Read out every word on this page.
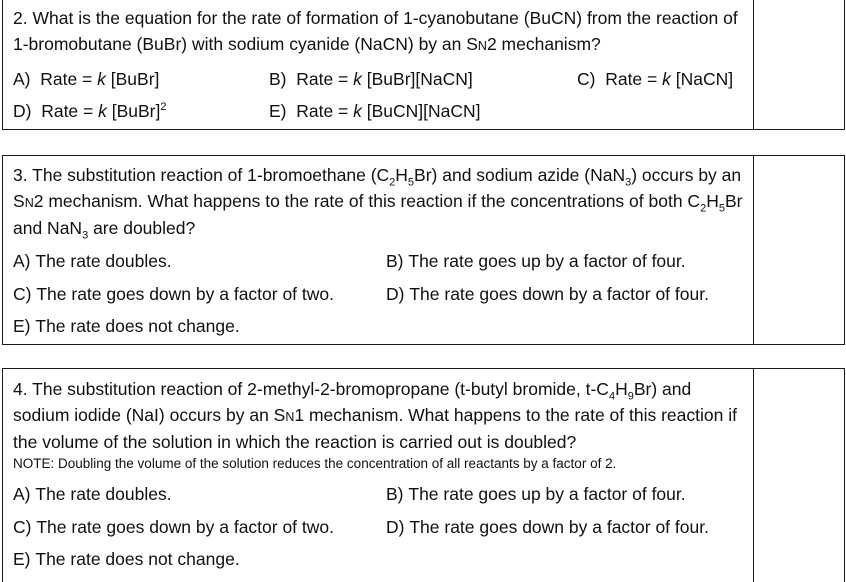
2. What is the equation for the rate of formation of 1-cyanobutane (BuCN) from the reaction of 1-bromobutane (BuBr) with sodium cyanide (NaCN) by an SN2 mechanism?
A) Rate = k [BuBr]	B) Rate = k [BuBr][NaCN]	C) Rate = k [NaCN]
D) Rate = k [BuBr]$^2$	E) Rate = k [BuCN][NaCN]
3. The substitution reaction of 1-bromoethane $(C_2H_5Br)$ and sodium azide (NaN$_3$) occurs by an SN2 mechanism. What happens to the rate of this reaction if the concentrations of both $C_2H_5Br$ and NaN$_3$ are doubled?
A) The rate doubles.	B) The rate goes up by a factor of four.
C) The rate goes down by a factor of two.	D) The rate goes down by a factor of four.
E) The rate does not change.
4. The substitution reaction of 2-methyl-2-bromopropane (t-butyl bromide, $t-C_4H_9Br$) and sodium iodide (NaI) occurs by an SN1 mechanism. What happens to the rate of this reaction if the volume of the solution in which the reaction is carried out is doubled?
NOTE: Doubling the volume of the solution reduces the concentration of all reactants by a factor of 2.
A) The rate doubles.	B) The rate goes up by a factor of four.
C) The rate goes down by a factor of two.	D) The rate goes down by a factor of four.
E) The rate does not change.
